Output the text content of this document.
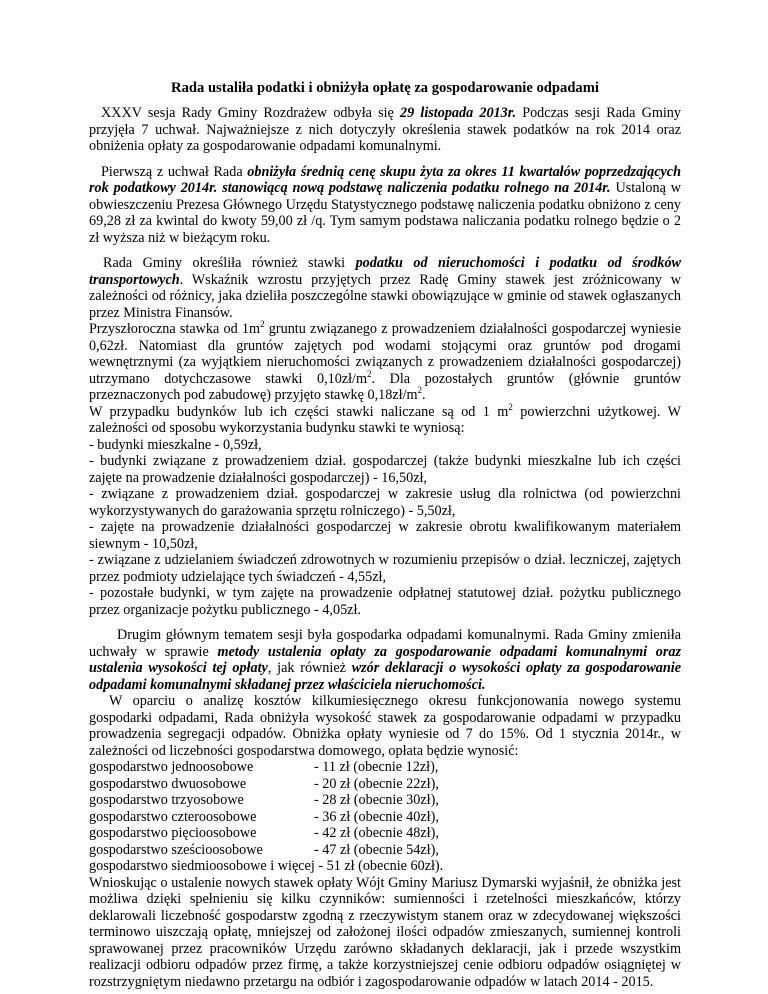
Rada ustaliła podatki i obniżyła opłatę za gospodarowanie odpadami

XXXV sesja Rady Gminy Rozdrażew odbyła się 29 listopada 2013r. Podczas sesji Rada Gminy przyjęła 7 uchwał. Najważniejsze z nich dotyczyły określenia stawek podatków na rok 2014 oraz obniżenia opłaty za gospodarowanie odpadami komunalnymi.

Pierwszą z uchwał Rada obniżyła średnią cenę skupu żyta za okres 11 kwartałów poprzedzających rok podatkowy 2014r. stanowiącą nową podstawę naliczenia podatku rolnego na 2014r. Ustaloną w obwieszczeniu Prezesa Głównego Urzędu Statystycznego podstawę naliczenia podatku obniżono z ceny 69,28 zł za kwintal do kwoty 59,00 zł /q. Tym samym podstawa naliczania podatku rolnego będzie o 2 zł wyższa niż w bieżącym roku.

Rada Gminy określiła również stawki podatku od nieruchomości i podatku od środków transportowych. Wskaźnik wzrostu przyjętych przez Radę Gminy stawek jest zróżnicowany w zależności od różnicy, jaka dzieliła poszczególne stawki obowiązujące w gminie od stawek ogłaszanych przez Ministra Finansów.

Przyszłoroczna stawka od $1m^2$ gruntu związanego z prowadzeniem działalności gospodarczej wyniesie 0,62zł. Natomiast dla gruntów zajętych pod wodami stojącymi oraz gruntów pod drogami wewnętrznymi (za wyjątkiem nieruchomości związanych z prowadzeniem działalności gospodarczej) utrzymano dotychczasowe stawki $0,10zł/m^2$. Dla pozostałych gruntów (głównie gruntów przeznaczonych pod zabudowę) przyjęto stawkę $0,18zł/m^2$.

W przypadku budynków lub ich części stawki naliczane są od 1 $m^2$ powierzchni użytkowej. W zależności od sposobu wykorzystania budynku stawki te wyniosą:

- budynki mieszkalne - 0,59zł,

- budynki związane z prowadzeniem dział. gospodarczej (także budynki mieszkalne lub ich części zajęte na prowadzenie działalności gospodarczej) - 16,50zł,

- związane z prowadzeniem dział. gospodarczej w zakresie usług dla rolnictwa (od powierzchni wykorzystywanych do garażowania sprzętu rolniczego) - 5,50zł,

- zajęte na prowadzenie działalności gospodarczej w zakresie obrotu kwalifikowanym materiałem siewnym - 10,50zł,

- związane z udzielaniem świadczeń zdrowotnych w rozumieniu przepisów o dział. leczniczej, zajętych przez podmioty udzielające tych świadczeń - 4,55zł,

- pozostałe budynki, w tym zajęte na prowadzenie odpłatnej statutowej dział. pożytku publicznego przez organizacje pożytku publicznego - 4,05zł.

Drugim głównym tematem sesji była gospodarka odpadami komunalnymi. Rada Gminy zmieniła uchwały w sprawie metody ustalenia opłaty za gospodarowanie odpadami komunalnymi oraz ustalenia wysokości tej opłaty, jak również wzór deklaracji o wysokości opłaty za gospodarowanie odpadami komunalnymi składanej przez właściciela nieruchomości.

W oparciu o analizę kosztów kilkumiesięcznego okresu funkcjonowania nowego systemu gospodarki odpadami, Rada obniżyła wysokość stawek za gospodarowanie odpadami w przypadku prowadzenia segregacji odpadów. Obniżka opłaty wyniesie od 7 do 15%. Od 1 stycznia 2014r., w zależności od liczebności gospodarstwa domowego, opłata będzie wynosić:

gospodarstwo jednoosobowe	- 11 zł (obecnie 12zł),
gospodarstwo dwuosobowe	- 20 zł (obecnie 22zł),
gospodarstwo trzyosobowe	- 28 zł (obecnie 30zł),
gospodarstwo czteroosobowe	- 36 zł (obecnie 40zł),
gospodarstwo pięcioosobowe	- 42 zł (obecnie 48zł),
gospodarstwo sześcioosobowe	- 47 zł (obecnie 54zł),
gospodarstwo siedmioosobowe i więcej - 51 zł (obecnie 60zł).

Wnioskując o ustalenie nowych stawek opłaty Wójt Gminy Mariusz Dymarski wyjaśnił, że obniżka jest możliwa dzięki spełnieniu się kilku czynników: sumienności i rzetelności mieszkańców, którzy deklarowali liczebność gospodarstw zgodną z rzeczywistym stanem oraz w zdecydowanej większości terminowo uiszczają opłatę, mniejszej od założonej ilości odpadów zmieszanych, sumiennej kontroli sprawowanej przez pracowników Urzędu zarówno składanych deklaracji, jak i przede wszystkim realizacji odbioru odpadów przez firmę, a także korzystniejszej cenie odbioru odpadów osiągniętej w rozstrzygniętym niedawno przetargu na odbiór i zagospodarowanie odpadów w latach 2014 - 2015.
